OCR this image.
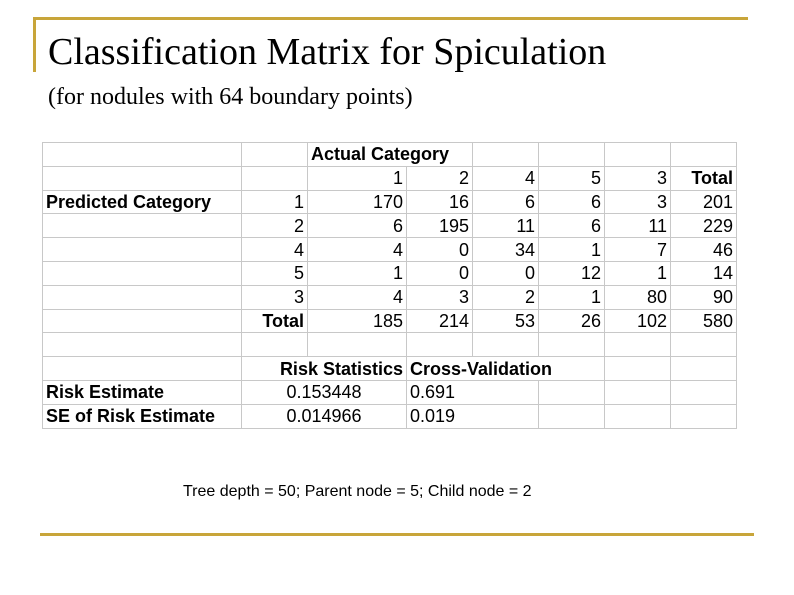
Classification Matrix for Spiculation
(for nodules with 64 boundary points)
		Actual Category					
		1	2	4	5	3	Total
Predicted Category	1	170	16	6	6	3	201
	2	6	195	11	6	11	229
	4	4	0	34	1	7	46
	5	1	0	0	12	1	14
	3	4	3	2	1	80	90
	Total	185	214	53	26	102	580

	Risk Statistics		Cross-Validation				
Risk Estimate	0.153448		0.691				
SE of Risk Estimate	0.014966		0.019				
Tree depth = 50; Parent node = 5; Child node = 2
